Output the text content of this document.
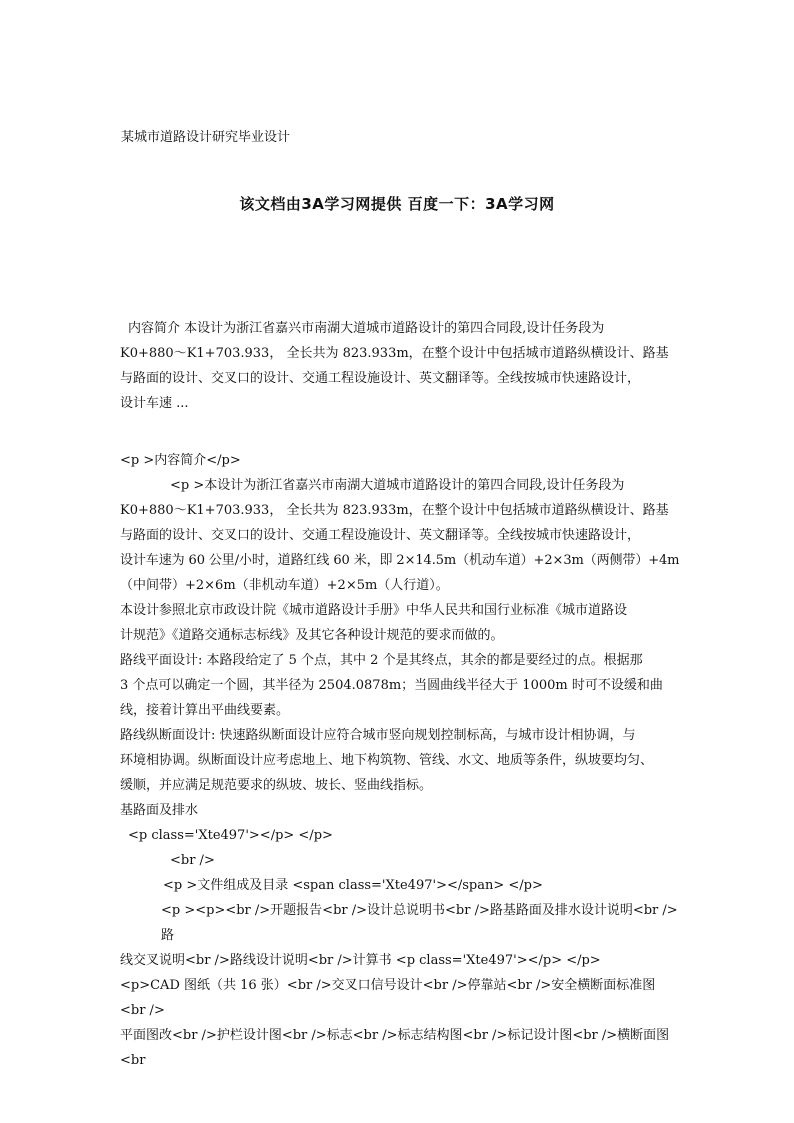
某城市道路设计研究毕业设计
该文档由3A学习网提供 百度一下：3A学习网

内容简介 本设计为浙江省嘉兴市南湖大道城市道路设计的第四合同段,设计任务段为

K0+880～K1+703.933， 全长共为 823.933m，在整个设计中包括城市道路纵横设计、路基

与路面的设计、交叉口的设计、交通工程设施设计、英文翻译等。全线按城市快速路设计，

设计车速 ...

<p >内容简介</p>

<p >本设计为浙江省嘉兴市南湖大道城市道路设计的第四合同段,设计任务段为

K0+880～K1+703.933， 全长共为 823.933m，在整个设计中包括城市道路纵横设计、路基

与路面的设计、交叉口的设计、交通工程设施设计、英文翻译等。全线按城市快速路设计，

设计车速为 60 公里/小时，道路红线 60 米，即 2×14.5m（机动车道）+2×3m（两侧带）+4m

（中间带）+2×6m（非机动车道）+2×5m（人行道）。

本设计参照北京市政设计院《城市道路设计手册》中华人民共和国行业标准《城市道路设

计规范》《道路交通标志标线》及其它各种设计规范的要求而做的。

路线平面设计: 本路段给定了 5 个点，其中 2 个是其终点，其余的都是要经过的点。根据那

3 个点可以确定一个圆，其半径为 2504.0878m；当圆曲线半径大于 1000m 时可不设缓和曲

线，接着计算出平曲线要素。

路线纵断面设计: 快速路纵断面设计应符合城市竖向规划控制标高，与城市设计相协调，与

环境相协调。纵断面设计应考虑地上、地下构筑物、管线、水文、地质等条件，纵坡要均匀、

缓顺，并应满足规范要求的纵坡、坡长、竖曲线指标。

基路面及排水

<p class='Xte497'></p> </p>

<br />

<p >文件组成及目录 <span class='Xte497'></span> </p>

<p ><p><br />开题报告<br />设计总说明书<br />路基路面及排水设计说明<br />路

线交叉说明<br />路线设计说明<br />计算书 <p class='Xte497'></p> </p>

<p>CAD 图纸（共 16 张）<br />交叉口信号设计<br />停靠站<br />安全横断面标准图<br />

平面图改<br />护栏设计图<br />标志<br />标志结构图<br />标记设计图<br />横断面图<br
